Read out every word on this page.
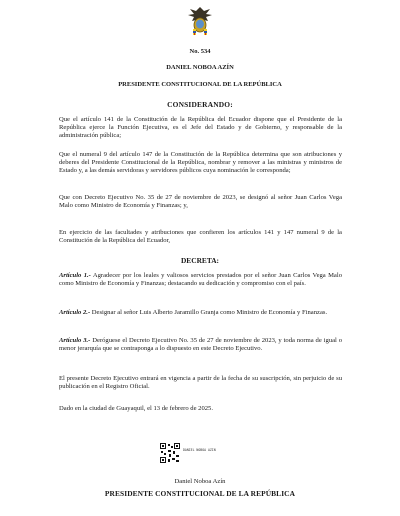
No. 534
DANIEL NOBOA AZÍN
PRESIDENTE CONSTITUCIONAL DE LA REPÚBLICA
CONSIDERANDO:

Que el artículo 141 de la Constitución de la República del Ecuador dispone que el Presidente de la República ejerce la Función Ejecutiva, es el Jefe del Estado y de Gobierno, y responsable de la administración pública;

Que el numeral 9 del artículo 147 de la Constitución de la República determina que son atribuciones y deberes del Presidente Constitucional de la República, nombrar y remover a las ministras y ministros de Estado y, a las demás servidoras y servidores públicos cuya nominación le corresponda;

Que con Decreto Ejecutivo No. 35 de 27 de noviembre de 2023, se designó al señor Juan Carlos Vega Malo como Ministro de Economía y Finanzas; y,

En ejercicio de las facultades y atribuciones que confieren los artículos 141 y 147 numeral 9 de la Constitución de la República del Ecuador,

DECRETA:

Artículo 1.- Agradecer por los leales y valiosos servicios prestados por el señor Juan Carlos Vega Malo como Ministro de Economía y Finanzas; destacando su dedicación y compromiso con el país.

Artículo 2.- Designar al señor Luis Alberto Jaramillo Granja como Ministro de Economía y Finanzas.

Artículo 3.- Deróguese el Decreto Ejecutivo No. 35 de 27 de noviembre de 2023, y toda norma de igual o menor jerarquía que se contraponga a lo dispuesto en este Decreto Ejecutivo.

El presente Decreto Ejecutivo entrará en vigencia a partir de la fecha de su suscripción, sin perjuicio de su publicación en el Registro Oficial.

Dado en la ciudad de Guayaquil, el 13 de febrero de 2025.

DANIEL NOBOA AZIN
Daniel Noboa Azín
PRESIDENTE CONSTITUCIONAL DE LA REPÚBLICA
